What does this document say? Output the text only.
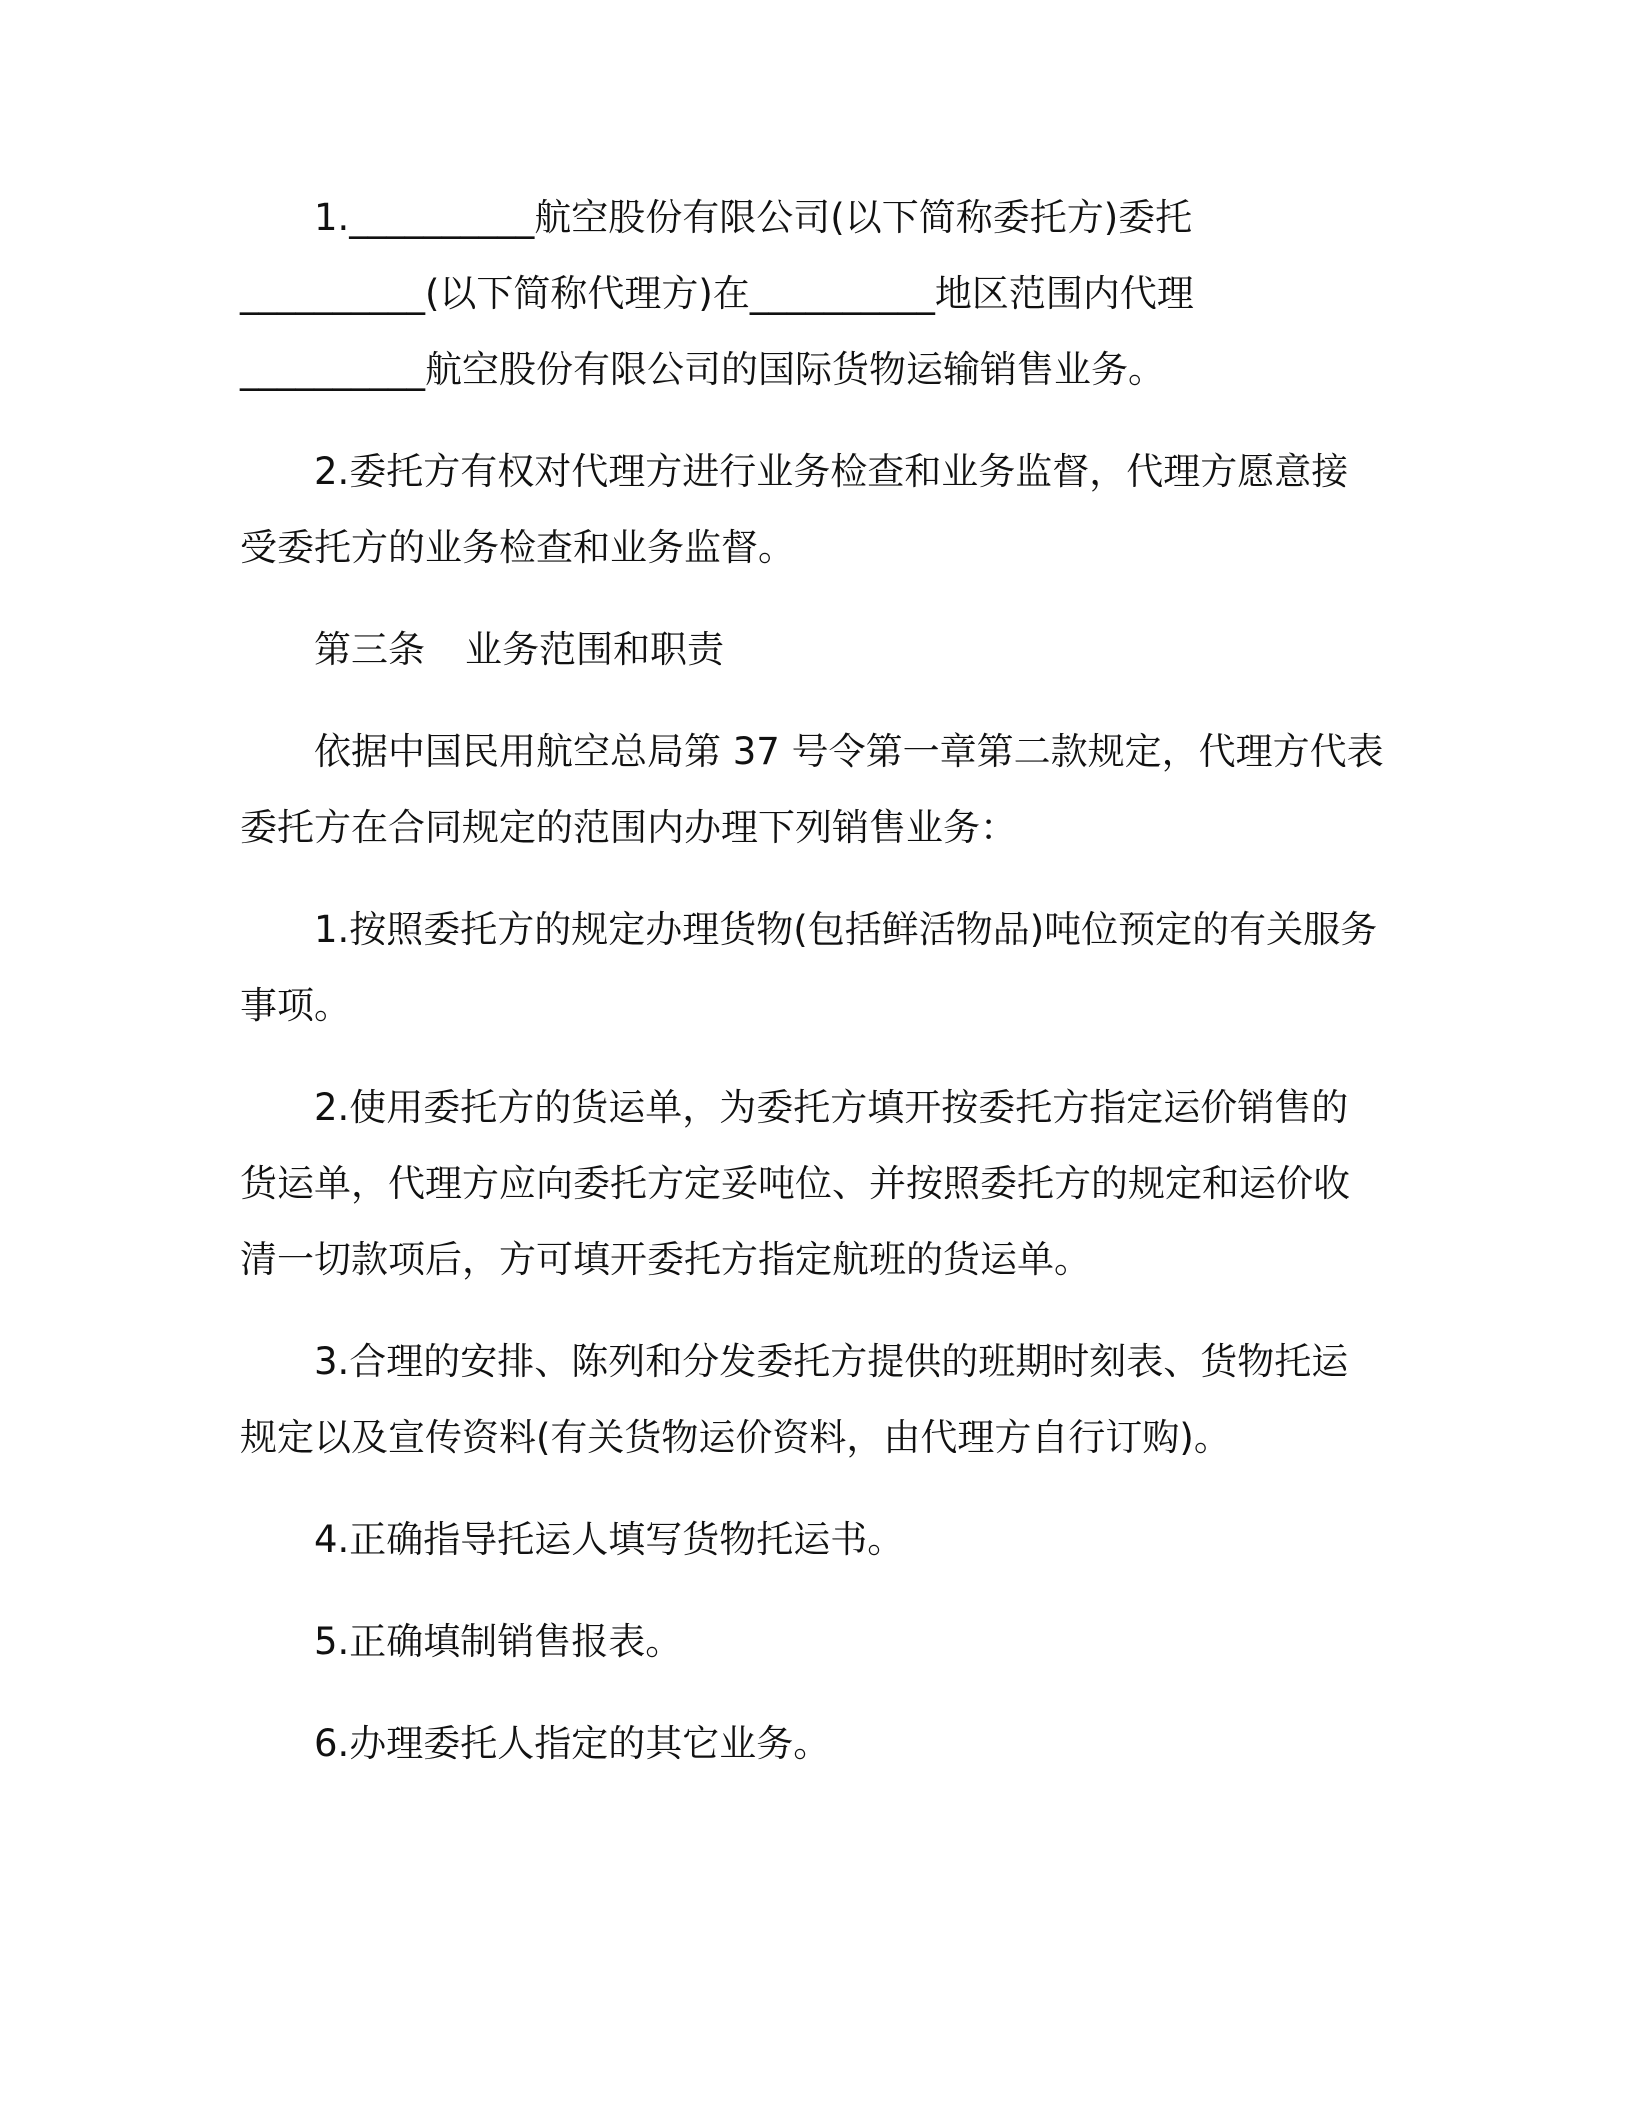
1.__________航空股份有限公司(以下简称委托方)委托
__________(以下简称代理方)在__________地区范围内代理
__________航空股份有限公司的国际货物运输销售业务。
2.委托方有权对代理方进行业务检查和业务监督，代理方愿意接
受委托方的业务检查和业务监督。
第三条 业务范围和职责
依据中国民用航空总局第 37 号令第一章第二款规定，代理方代表
委托方在合同规定的范围内办理下列销售业务：
1.按照委托方的规定办理货物(包括鲜活物品)吨位预定的有关服务
事项。
2.使用委托方的货运单，为委托方填开按委托方指定运价销售的
货运单，代理方应向委托方定妥吨位、并按照委托方的规定和运价收
清一切款项后，方可填开委托方指定航班的货运单。
3.合理的安排、陈列和分发委托方提供的班期时刻表、货物托运
规定以及宣传资料(有关货物运价资料，由代理方自行订购)。
4.正确指导托运人填写货物托运书。
5.正确填制销售报表。
6.办理委托人指定的其它业务。
